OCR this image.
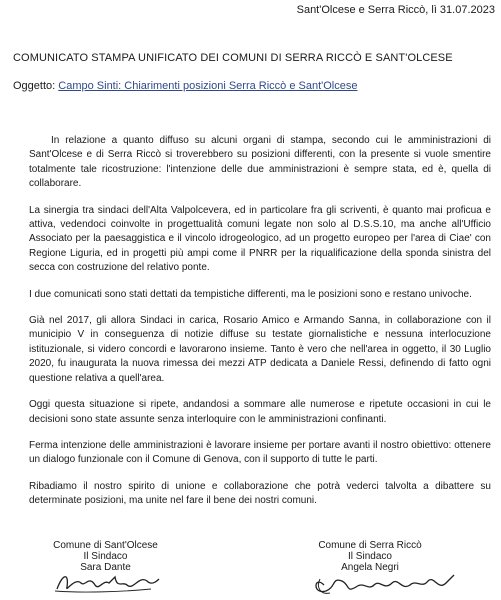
Sant'Olcese e Serra Riccò, lì 31.07.2023
COMUNICATO STAMPA UNIFICATO DEI COMUNI DI SERRA RICCÒ E SANT'OLCESE
Oggetto: Campo Sinti: Chiarimenti posizioni Serra Riccò e Sant'Olcese

In relazione a quanto diffuso su alcuni organi di stampa, secondo cui le amministrazioni di Sant'Olcese e di Serra Riccò si troverebbero su posizioni differenti, con la presente si vuole smentire totalmente tale ricostruzione: l'intenzione delle due amministrazioni è sempre stata, ed è, quella di collaborare.

La sinergia tra sindaci dell'Alta Valpolcevera, ed in particolare fra gli scriventi, è quanto mai proficua e attiva, vedendoci coinvolte in progettualità comuni legate non solo al D.S.S.10, ma anche all'Ufficio Associato per la paesaggistica e il vincolo idrogeologico, ad un progetto europeo per l'area di Ciae' con Regione Liguria, ed in progetti più ampi come il PNRR per la riqualificazione della sponda sinistra del secca con costruzione del relativo ponte.

I due comunicati sono stati dettati da tempistiche differenti, ma le posizioni sono e restano univoche.

Già nel 2017, gli allora Sindaci in carica, Rosario Amico e Armando Sanna, in collaborazione con il municipio V in conseguenza di notizie diffuse su testate giornalistiche e nessuna interlocuzione istituzionale, si videro concordi e lavorarono insieme. Tanto è vero che nell'area in oggetto, il 30 Luglio 2020, fu inaugurata la nuova rimessa dei mezzi ATP dedicata a Daniele Ressi, definendo di fatto ogni questione relativa a quell'area.

Oggi questa situazione si ripete, andandosi a sommare alle numerose e ripetute occasioni in cui le decisioni sono state assunte senza interloquire con le amministrazioni confinanti.

Ferma intenzione delle amministrazioni è lavorare insieme per portare avanti il nostro obiettivo: ottenere un dialogo funzionale con il Comune di Genova, con il supporto di tutte le parti.

Ribadiamo il nostro spirito di unione e collaborazione che potrà vederci talvolta a dibattere su determinate posizioni, ma unite nel fare il bene dei nostri comuni.

Comune di Sant'Olcese
Il Sindaco
Sara Dante
Comune di Serra Riccò
Il Sindaco
Angela Negri
